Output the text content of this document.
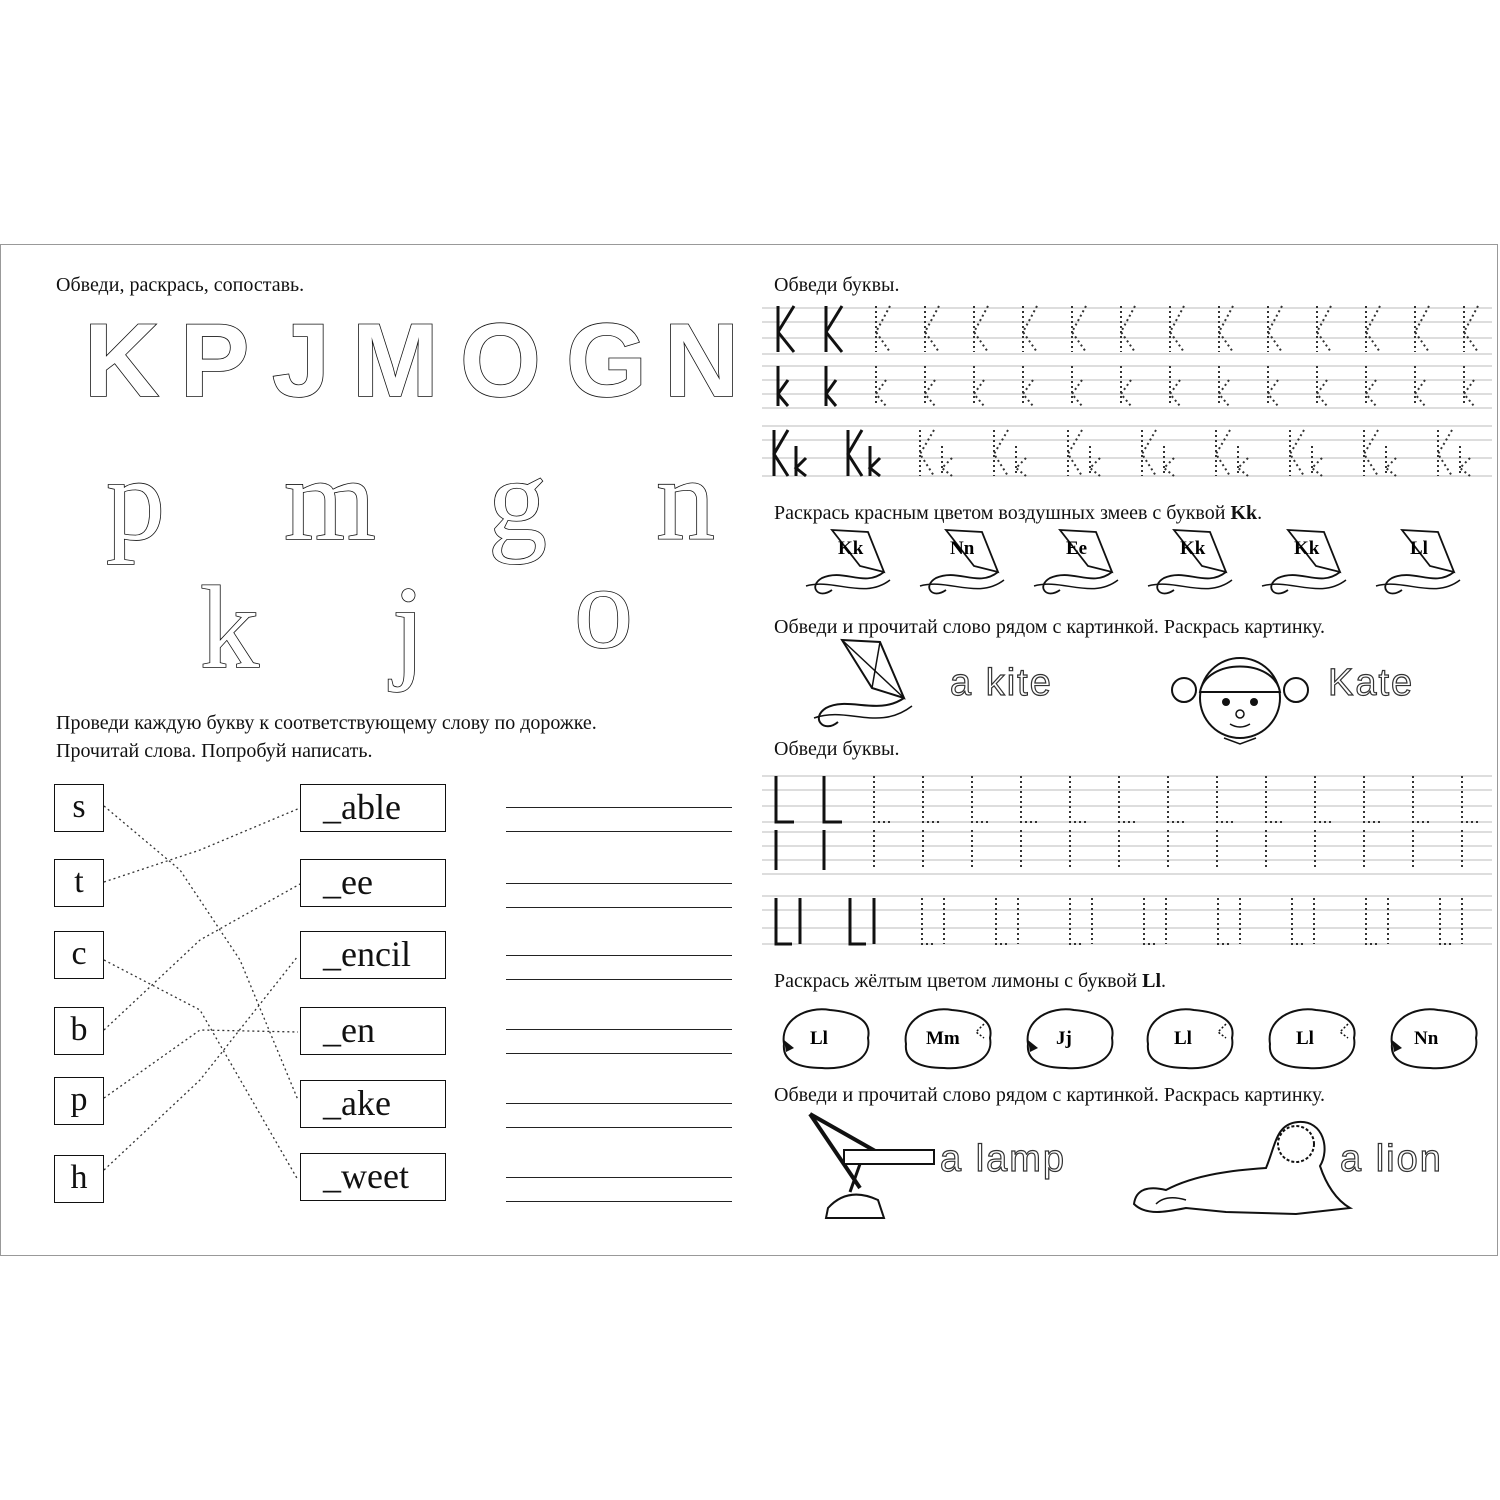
Обведи, раскрась, сопоставь.
K P J M O G N
p m g n
k j o
Проведи каждую букву к соответствующему слову по дорожке.
Прочитай слова. Попробуй написать.
s
t
c
b
p
h
_able
_ee
_encil
_en
_ake
_weet
Обведи буквы.
Раскрась красным цветом воздушных змеев с буквой Kk.
Kk	Nn	Ee	Kk	Kk	Ll
Обведи и прочитай слово рядом с картинкой. Раскрась картинку.
a kite	Kate
Обведи буквы.
Раскрась жёлтым цветом лимоны с буквой Ll.
Ll	Mm	Jj	Ll	Ll	Nn
Обведи и прочитай слово рядом с картинкой. Раскрась картинку.
a lamp	a lion
